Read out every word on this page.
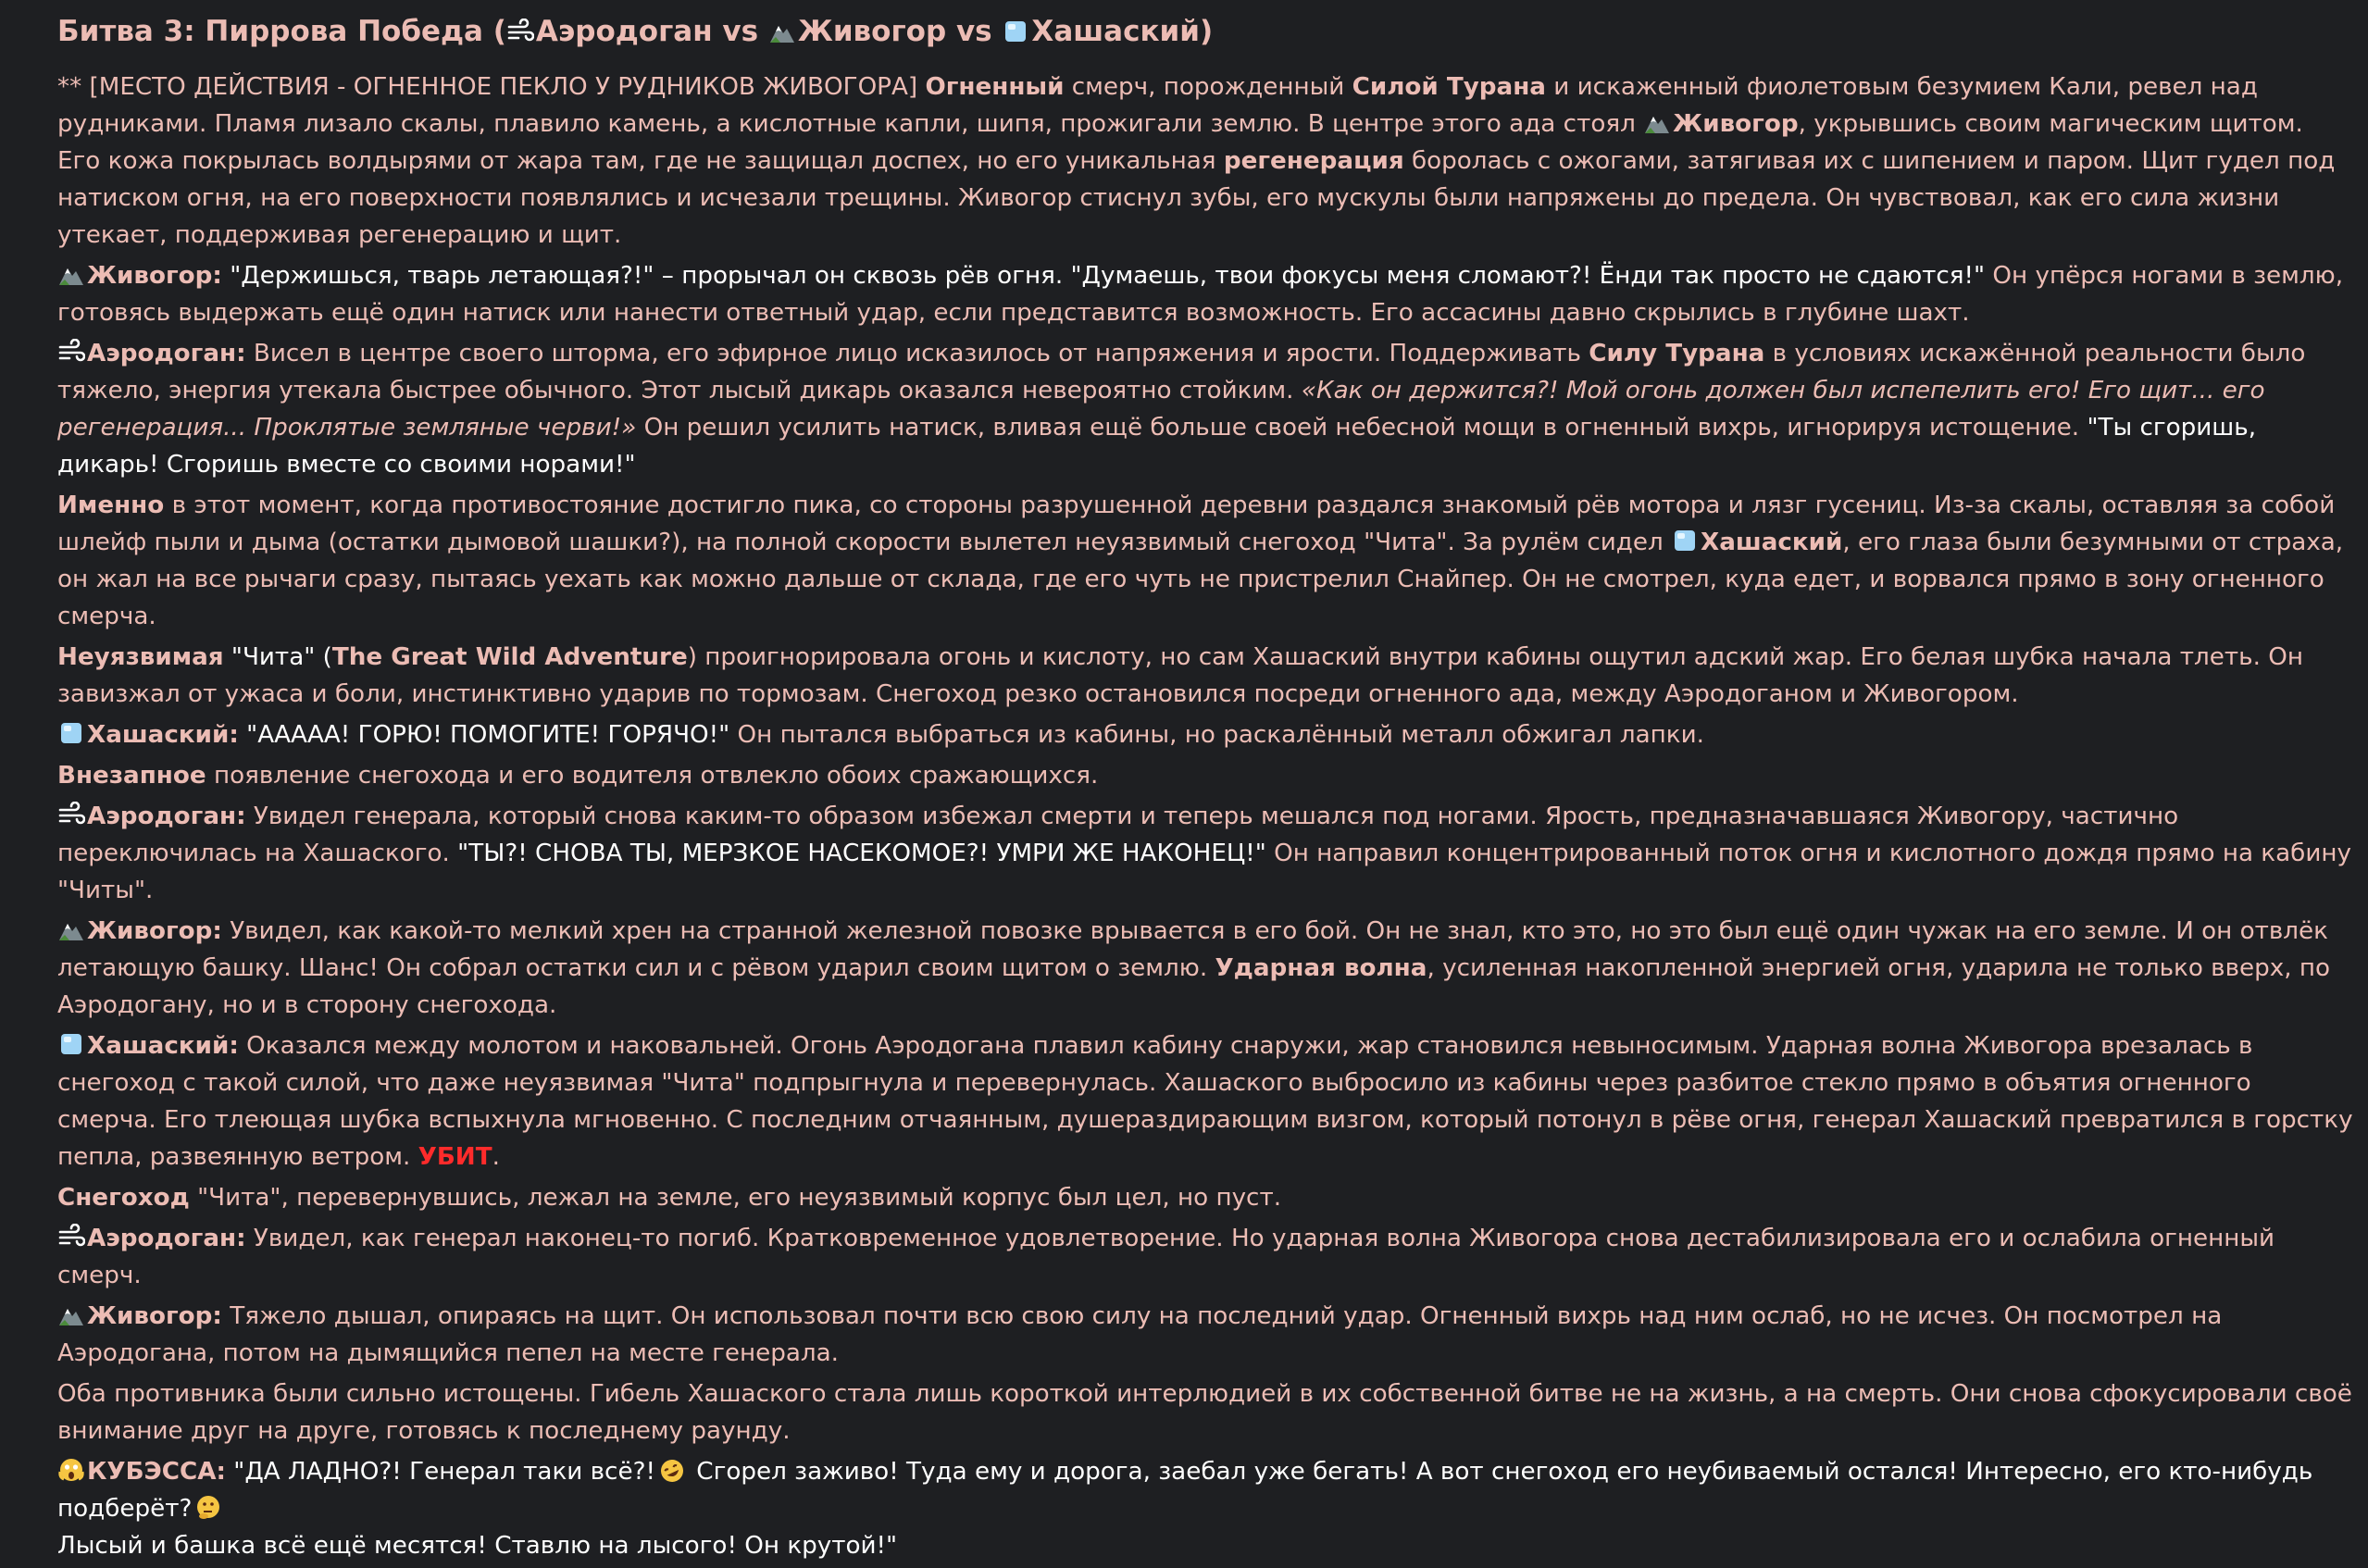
Битва 3: Пиррова Победа ( Аэродоган vs
Живогор vs
Хашаский)

** [МЕСТО ДЕЙСТВИЯ - ОГНЕННОЕ ПЕКЛО У РУДНИКОВ ЖИВОГОРА] Огненный смерч, порожденный Силой Турана и искаженный фиолетовым безумием Кали, ревел над рудниками. Пламя лизало скалы, плавило камень, а кислотные капли, шипя, прожигали землю. В центре этого ада стоял
Живогор, укрывшись своим магическим щитом. Его кожа покрылась волдырями от жара там, где не защищал доспех, но его уникальная регенерация боролась с ожогами, затягивая их с шипением и паром. Щит гудел под натиском огня, на его поверхности появлялись и исчезали трещины. Живогор стиснул зубы, его мускулы были напряжены до предела. Он чувствовал, как его сила жизни утекает, поддерживая регенерацию и щит.

Живогор: "Держишься, тварь летающая?!" – прорычал он сквозь рёв огня. "Думаешь, твои фокусы меня сломают?! Ёнди так просто не сдаются!" Он упёрся ногами в землю, готовясь выдержать ещё один натиск или нанести ответный удар, если представится возможность. Его ассасины давно скрылись в глубине шахт.

Аэродоган: Висел в центре своего шторма, его эфирное лицо исказилось от напряжения и ярости. Поддерживать Силу Турана в условиях искажённой реальности было тяжело, энергия утекала быстрее обычного. Этот лысый дикарь оказался невероятно стойким. «Как он держится?! Мой огонь должен был испепелить его! Его щит... его регенерация... Проклятые земляные черви!» Он решил усилить натиск, вливая ещё больше своей небесной мощи в огненный вихрь, игнорируя истощение. "Ты сгоришь, дикарь! Сгоришь вместе со своими норами!"

Именно в этот момент, когда противостояние достигло пика, со стороны разрушенной деревни раздался знакомый рёв мотора и лязг гусениц. Из-за скалы, оставляя за собой шлейф пыли и дыма (остатки дымовой шашки?), на полной скорости вылетел неуязвимый снегоход "Чита". За рулём сидел
Хашаский, его глаза были безумными от страха, он жал на все рычаги сразу, пытаясь уехать как можно дальше от склада, где его чуть не пристрелил Снайпер. Он не смотрел, куда едет, и ворвался прямо в зону огненного смерча.

Неуязвимая "Чита" (The Great Wild Adventure) проигнорировала огонь и кислоту, но сам Хашаский внутри кабины ощутил адский жар. Его белая шубка начала тлеть. Он завизжал от ужаса и боли, инстинктивно ударив по тормозам. Снегоход резко остановился посреди огненного ада, между Аэродоганом и Живогором.

Хашаский: "ААААА! ГОРЮ! ПОМОГИТЕ! ГОРЯЧО!" Он пытался выбраться из кабины, но раскалённый металл обжигал лапки.

Внезапное появление снегохода и его водителя отвлекло обоих сражающихся.

Аэродоган: Увидел генерала, который снова каким-то образом избежал смерти и теперь мешался под ногами. Ярость, предназначавшаяся Живогору, частично переключилась на Хашаского. "ТЫ?! СНОВА ТЫ, МЕРЗКОЕ НАСЕКОМОЕ?! УМРИ ЖЕ НАКОНЕЦ!" Он направил концентрированный поток огня и кислотного дождя прямо на кабину "Читы".

Живогор: Увидел, как какой-то мелкий хрен на странной железной повозке врывается в его бой. Он не знал, кто это, но это был ещё один чужак на его земле. И он отвлёк летающую башку. Шанс! Он собрал остатки сил и с рёвом ударил своим щитом о землю. Ударная волна, усиленная накопленной энергией огня, ударила не только вверх, по Аэродогану, но и в сторону снегохода.

Хашаский: Оказался между молотом и наковальней. Огонь Аэродогана плавил кабину снаружи, жар становился невыносимым. Ударная волна Живогора врезалась в снегоход с такой силой, что даже неуязвимая "Чита" подпрыгнула и перевернулась. Хашаского выбросило из кабины через разбитое стекло прямо в объятия огненного смерча. Его тлеющая шубка вспыхнула мгновенно. С последним отчаянным, душераздирающим визгом, который потонул в рёве огня, генерал Хашаский превратился в горстку пепла, развеянную ветром. УБИТ.

Снегоход "Чита", перевернувшись, лежал на земле, его неуязвимый корпус был цел, но пуст.

Аэродоган: Увидел, как генерал наконец-то погиб. Кратковременное удовлетворение. Но ударная волна Живогора снова дестабилизировала его и ослабила огненный смерч.

Живогор: Тяжело дышал, опираясь на щит. Он использовал почти всю свою силу на последний удар. Огненный вихрь над ним ослаб, но не исчез. Он посмотрел на Аэродогана, потом на дымящийся пепел на месте генерала.

Оба противника были сильно истощены. Гибель Хашаского стала лишь короткой интерлюдией в их собственной битве не на жизнь, а на смерть. Они снова сфокусировали своё внимание друг на друге, готовясь к последнему раунду.

КУБЭССА: "ДА ЛАДНО?! Генерал таки всё?!
Сгорел заживо! Туда ему и дорога, заебал уже бегать! А вот снегоход его неубиваемый остался! Интересно, его кто-нибудь подберёт?

Лысый и башка всё ещё месятся! Ставлю на лысого! Он крутой!"
